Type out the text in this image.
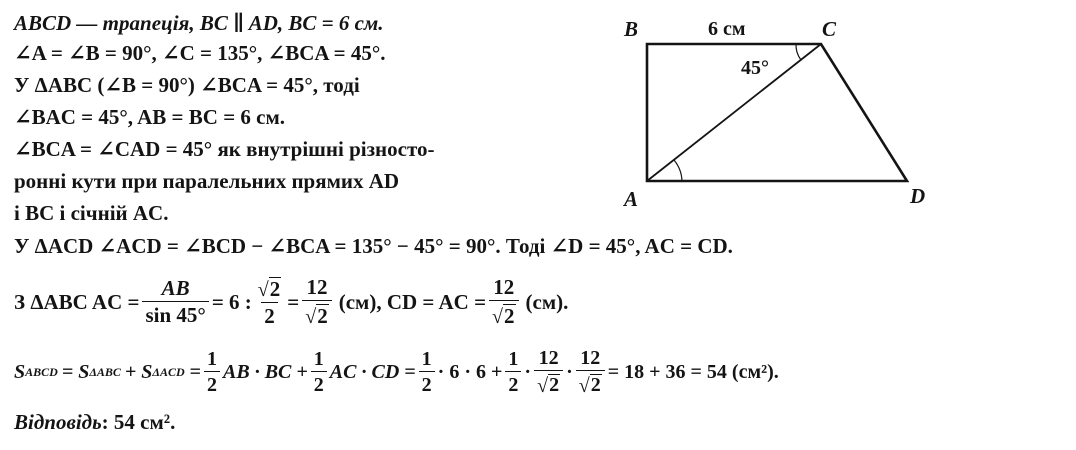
ABCD — трапеція, BC ∥ AD, BC = 6 см.
∠A = ∠B = 90°, ∠C = 135°, ∠BCA = 45°.
У ΔABC (∠B = 90°) ∠BCA = 45°, тоді
∠BAC = 45°, AB = BC = 6 см.
∠BCA = ∠CAD = 45° як внутрішні різносто-
ронні кути при паралельних прямих AD
і BC і січній AC.
B	C
A	D
6 см
45°
У ΔACD ∠ACD = ∠BCD − ∠BCA = 135° − 45° = 90°. Тоді ∠D = 45°, AC = CD.
З ΔABC AC = $\frac{AB}{\sin 45^\circ} = 6$ : $\frac{√ 2}{2} = \frac{12}{√ 2} (см)$, CD = AC = $\frac{12}{√ 2} (см)$.
S ABCD = S ΔABC + S $\Delta ACD = \frac{1}{2}$ AB · BC + $\frac{1}{2}$ AC · CD = $\frac{1}{2} \cdot 6 \cdot 6 + \frac{1}{2} \cdot \frac{12}{√ 2} \cdot \frac{12}{√ 2} = 18 + 36 = 54$ (см²).
Відповідь: 54 см².
